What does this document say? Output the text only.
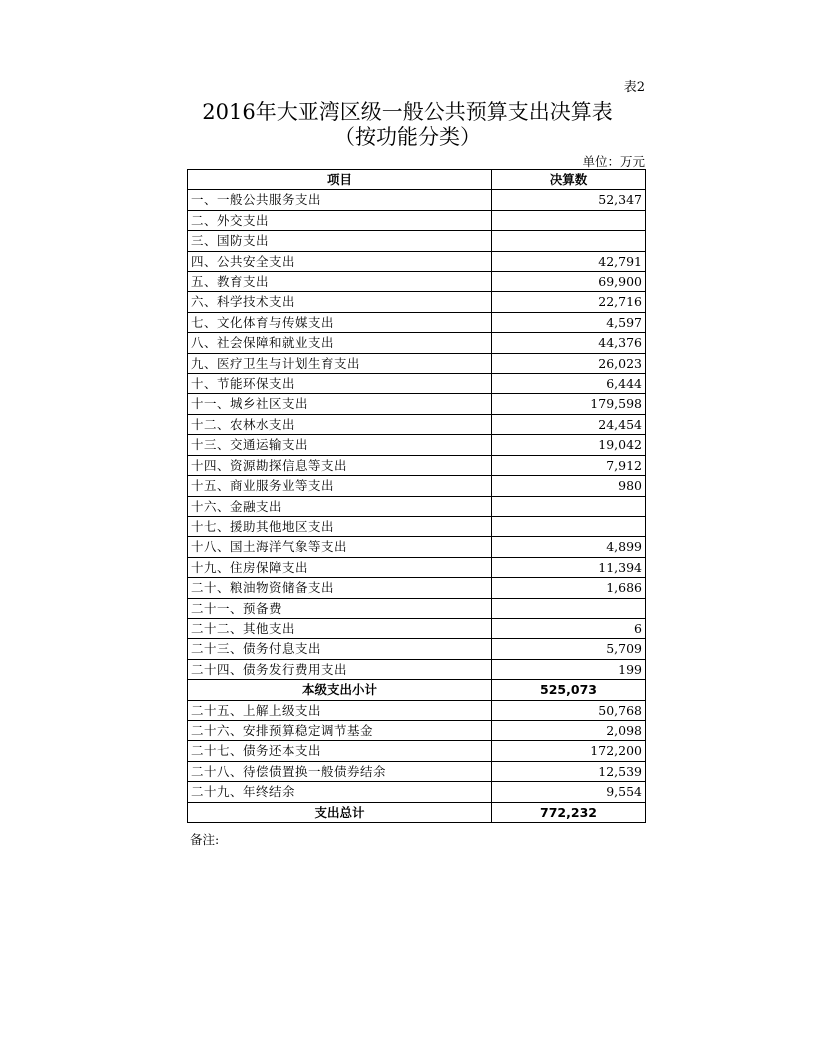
表2
2016年大亚湾区级一般公共预算支出决算表
（按功能分类）
单位：万元
项目	决算数
一、一般公共服务支出	52,347
二、外交支出	
三、国防支出	
四、公共安全支出	42,791
五、教育支出	69,900
六、科学技术支出	22,716
七、文化体育与传媒支出	4,597
八、社会保障和就业支出	44,376
九、医疗卫生与计划生育支出	26,023
十、节能环保支出	6,444
十一、城乡社区支出	179,598
十二、农林水支出	24,454
十三、交通运输支出	19,042
十四、资源勘探信息等支出	7,912
十五、商业服务业等支出	980
十六、金融支出	
十七、援助其他地区支出	
十八、国土海洋气象等支出	4,899
十九、住房保障支出	11,394
二十、粮油物资储备支出	1,686
二十一、预备费	
二十二、其他支出	6
二十三、债务付息支出	5,709
二十四、债务发行费用支出	199
本级支出小计	525,073
二十五、上解上级支出	50,768
二十六、安排预算稳定调节基金	2,098
二十七、债务还本支出	172,200
二十八、待偿债置换一般债券结余	12,539
二十九、年终结余	9,554
支出总计	772,232
备注:
